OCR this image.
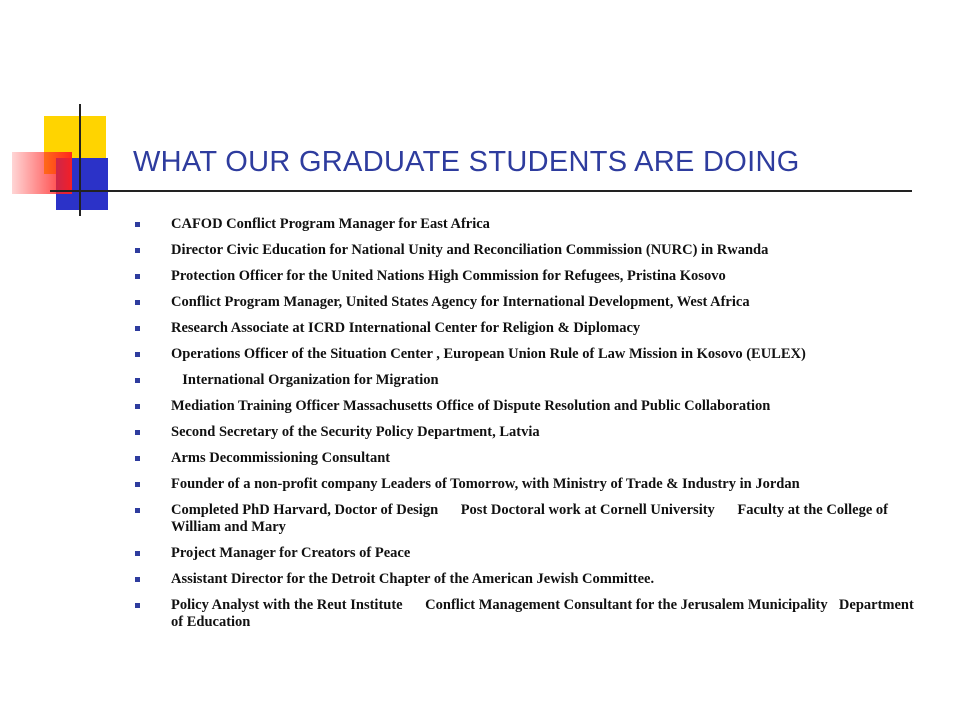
WHAT OUR GRADUATE STUDENTS ARE DOING
CAFOD Conflict Program Manager for East Africa
Director Civic Education for National Unity and Reconciliation Commission (NURC) in Rwanda
Protection Officer for the United Nations High Commission for Refugees, Pristina Kosovo
Conflict Program Manager, United States Agency for International Development, West Africa
Research Associate at ICRD International Center for Religion & Diplomacy
Operations Officer of the Situation Center , European Union Rule of Law Mission in Kosovo (EULEX)
International Organization for Migration
Mediation Training Officer Massachusetts Office of Dispute Resolution and Public Collaboration
Second Secretary of the Security Policy Department, Latvia
Arms Decommissioning Consultant
Founder of a non-profit company Leaders of Tomorrow, with Ministry of Trade & Industry in Jordan
Completed PhD Harvard, Doctor of Design Post Doctoral work at Cornell University Faculty at the College of William and Mary
Project Manager for Creators of Peace
Assistant Director for the Detroit Chapter of the American Jewish Committee.
Policy Analyst with the Reut Institute Conflict Management Consultant for the Jerusalem Municipality Department of Education
